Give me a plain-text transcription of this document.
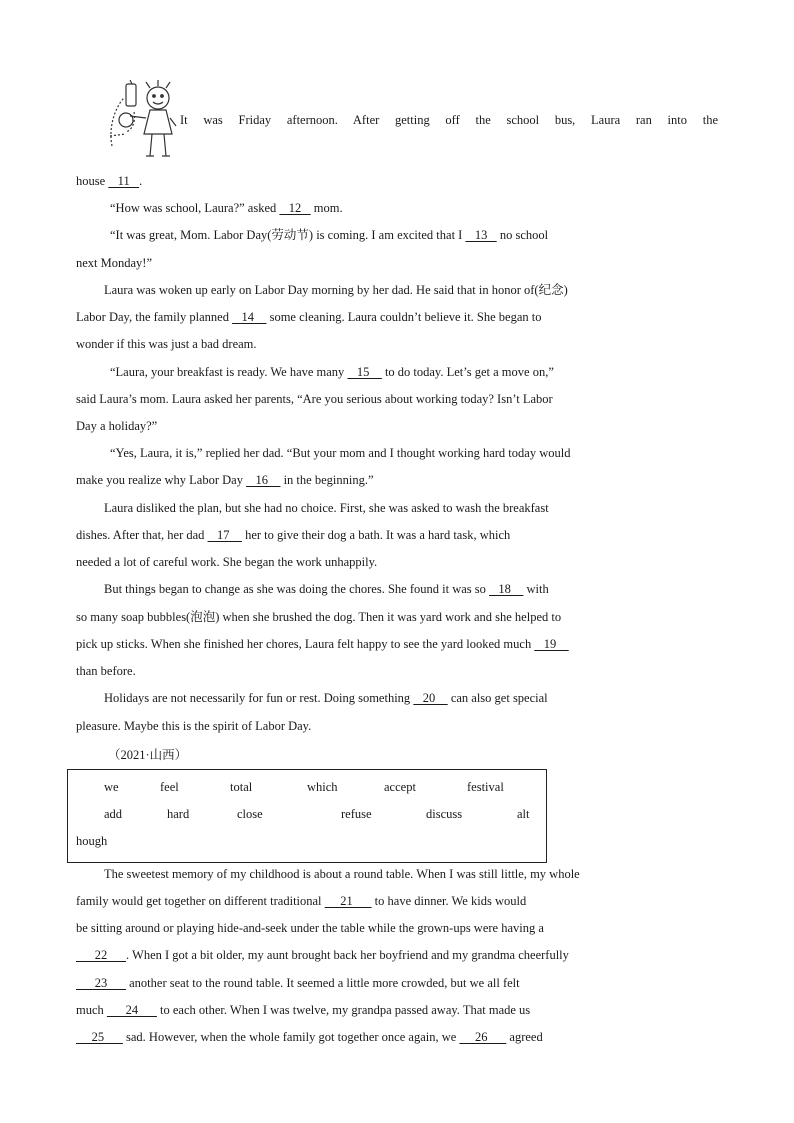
It was Friday afternoon. After getting off the school bus, Laura ran into the
house    11   .
“How was school, Laura?” asked    12    mom.
“It was great, Mom. Labor Day(劳动节) is coming. I am excited that I    13    no school
next Monday!”
Laura was woken up early on Labor Day morning by her dad. He said that in honor of(纪念)
Labor Day, the family planned    14     some cleaning. Laura couldn’t believe it. She began to
wonder if this was just a bad dream.
“Laura, your breakfast is ready. We have many    15     to do today. Let’s get a move on,”
said Laura’s mom. Laura asked her parents, “Are you serious about working today? Isn’t Labor
Day a holiday?”
“Yes, Laura, it is,” replied her dad. “But your mom and I thought working hard today would
make you realize why Labor Day    16     in the beginning.”
Laura disliked the plan, but she had no choice. First, she was asked to wash the breakfast
dishes. After that, her dad    17     her to give their dog a bath. It was a hard task, which
needed a lot of careful work. She began the work unhappily.
But things began to change as she was doing the chores. She found it was so    18     with
so many soap bubbles(泡泡) when she brushed the dog. Then it was yard work and she helped to
pick up sticks. When she finished her chores, Laura felt happy to see the yard looked much    19
than before.
Holidays are not necessarily for fun or rest. Doing something    20     can also get special
pleasure. Maybe this is the spirit of Labor Day.
（2021·山西）
we	feel	total	which	accept	festival
add	hard	close	refuse	discuss	alt
hough
The sweetest memory of my childhood is about a round table. When I was still little, my whole
family would get together on different traditional      21       to have dinner. We kids would
be sitting around or playing hide-and-seek under the table while the grown-ups were having a
22      . When I got a bit older, my aunt brought back her boyfriend and my grandma cheerfully
23       another seat to the round table. It seemed a little more crowded, but we all felt
much       24       to each other. When I was twelve, my grandpa passed away. That made us
25       sad. However, when the whole family got together once again, we      26       agreed
